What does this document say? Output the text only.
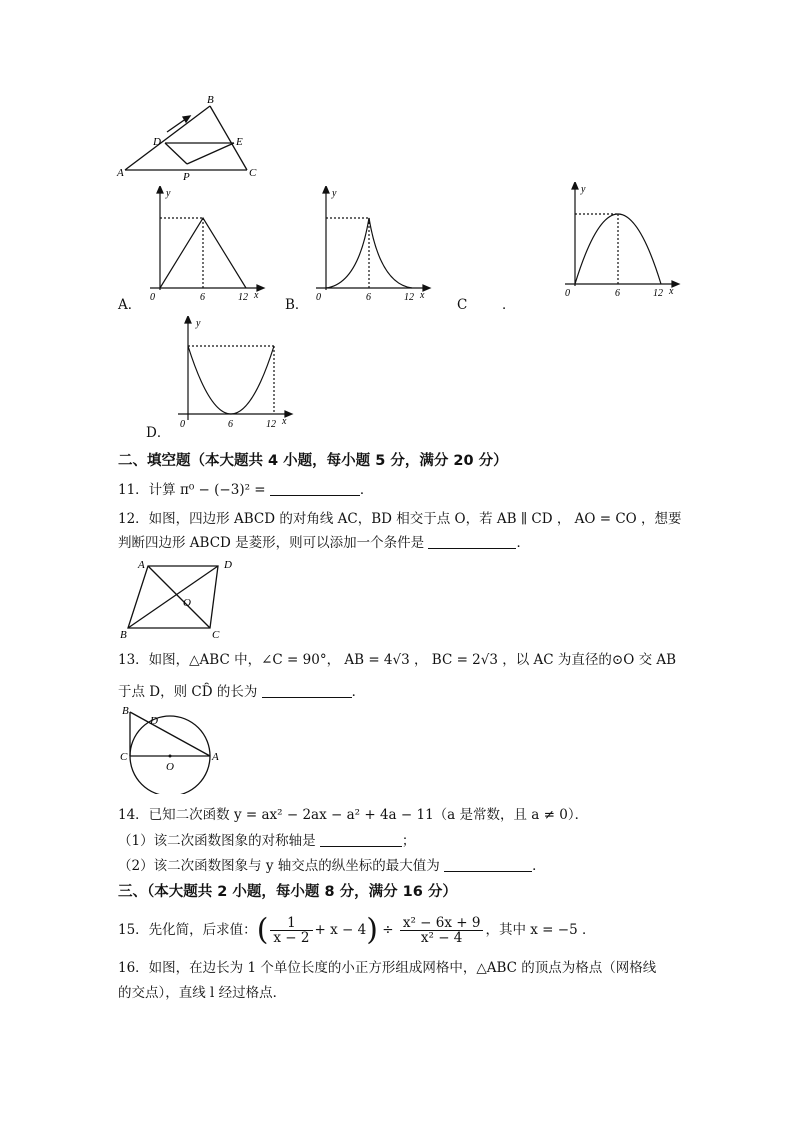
A
B
C
D	E
P
y
0	6	12 x
A．
y
0	6	12 x
B．	C	．
y
0	6	12 x
y
0	6	12 x
D．
二、填空题（本大题共 4 小题，每小题 5 分，满分 20 分）
11．计算 π⁰ − (−3)² =	．
12．如图，四边形 ABCD 的对角线 AC，BD 相交于点 O，若 AB ∥ CD ， AO = CO ，想要
判断四边形 ABCD 是菱形，则可以添加一个条件是	．
A	D
B	C
O
13．如图，△ABC 中，∠C = 90°， AB = 4√3 ， BC = 2√3 ，以 AC 为直径的⊙O 交 AB
于点 D，则 CD̑ 的长为	．
B
D
C
O
A
14．已知二次函数 y = ax² − 2ax − a² + 4a − 11（a 是常数，且 a ≠ 0）．
（1）该二次函数图象的对称轴是	；
（2）该二次函数图象与 y 轴交点的纵坐标的最大值为	．
三、（本大题共 2 小题，每小题 8 分，满分 16 分）
15．先化简，后求值：( $\frac{1}{x - 2} + x - 4) \div \frac{\text{x² − 6x + 9}}{\text{x² − 4}}$ ，其中 x = −5 ．
16．如图，在边长为 1 个单位长度的小正方形组成网格中，△ABC 的顶点为格点（网格线
的交点），直线 l 经过格点．
